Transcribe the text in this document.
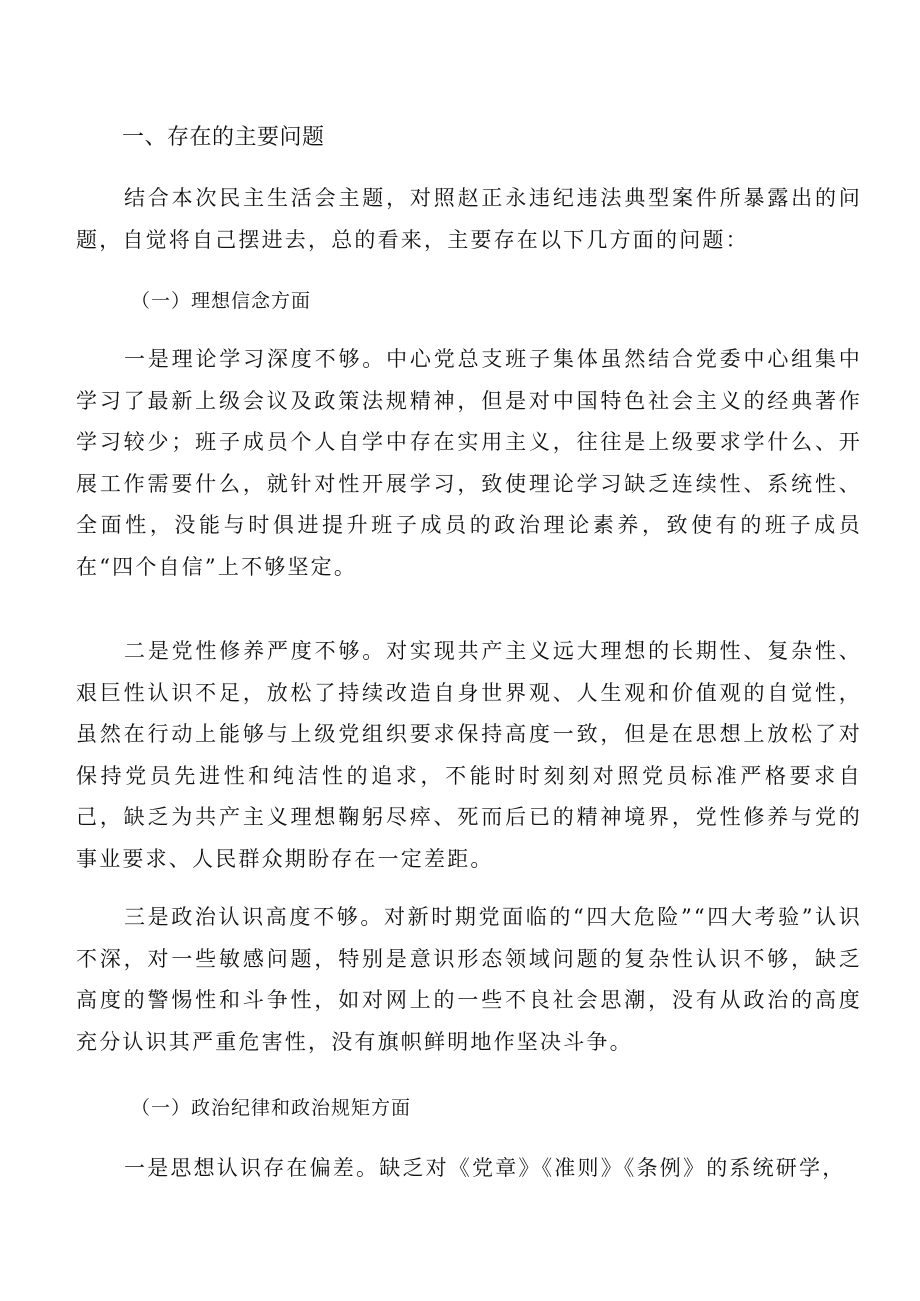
一、存在的主要问题

结合本次民主生活会主题，对照赵正永违纪违法典型案件所暴露出的问题，自觉将自己摆进去，总的看来，主要存在以下几方面的问题：

（一）理想信念方面

一是理论学习深度不够。中心党总支班子集体虽然结合党委中心组集中学习了最新上级会议及政策法规精神，但是对中国特色社会主义的经典著作学习较少；班子成员个人自学中存在实用主义，往往是上级要求学什么、开展工作需要什么，就针对性开展学习，致使理论学习缺乏连续性、系统性、全面性，没能与时俱进提升班子成员的政治理论素养，致使有的班子成员在“四个自信”上不够坚定。

二是党性修养严度不够。对实现共产主义远大理想的长期性、复杂性、艰巨性认识不足，放松了持续改造自身世界观、人生观和价值观的自觉性，虽然在行动上能够与上级党组织要求保持高度一致，但是在思想上放松了对保持党员先进性和纯洁性的追求，不能时时刻刻对照党员标准严格要求自己，缺乏为共产主义理想鞠躬尽瘁、死而后已的精神境界，党性修养与党的事业要求、人民群众期盼存在一定差距。

三是政治认识高度不够。对新时期党面临的“四大危险”“四大考验”认识不深，对一些敏感问题，特别是意识形态领域问题的复杂性认识不够，缺乏高度的警惕性和斗争性，如对网上的一些不良社会思潮，没有从政治的高度充分认识其严重危害性，没有旗帜鲜明地作坚决斗争。

（一）政治纪律和政治规矩方面

一是思想认识存在偏差。缺乏对《党章》《准则》《条例》的系统研学，
